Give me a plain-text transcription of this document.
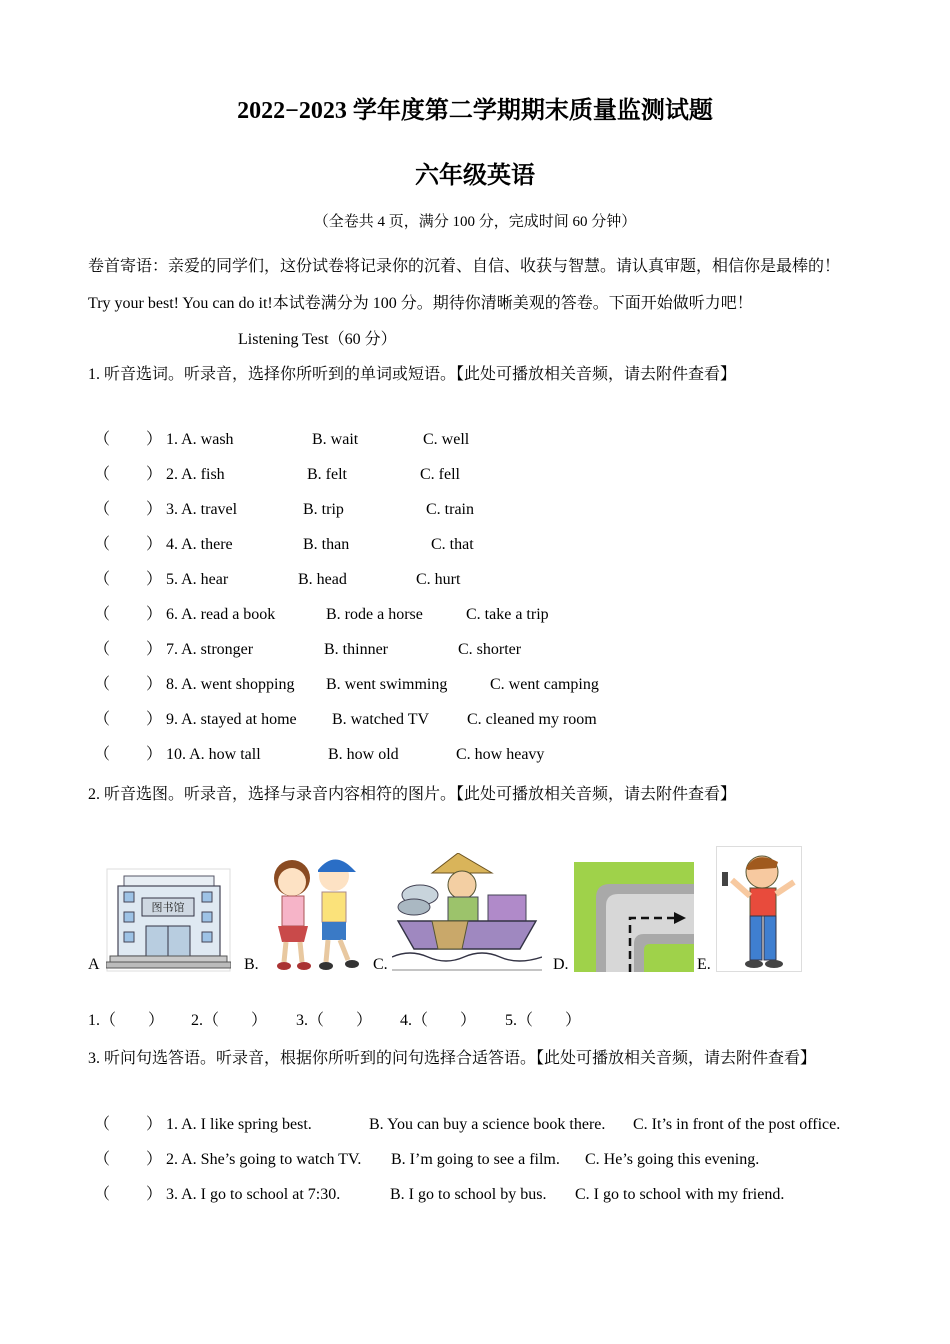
2022−2023 学年度第二学期期末质量监测试题
六年级英语
（全卷共 4 页，满分 100 分，完成时间 60 分钟）
卷首寄语：亲爱的同学们，这份试卷将记录你的沉着、自信、收获与智慧。请认真审题，相信你是最棒的！
Try your best! You can do it!本试卷满分为 100 分。期待你清晰美观的答卷。下面开始做听力吧！
Listening Test（60 分）
1. 听音选词。听录音，选择你所听到的单词或短语。【此处可播放相关音频，请去附件查看】
（ ） 1. A. wash	B. wait	C. well
（ ） 2. A. fish	B. felt	C. fell
（ ） 3. A. travel	B. trip	C. train
（ ） 4. A. there	B. than	C. that
（ ） 5. A. hear	B. head	C. hurt
（ ） 6. A. read a book	B. rode a horse	C. take a trip
（ ） 7. A. stronger	B. thinner	C. shorter
（ ） 8. A. went shopping B. went swimming	C. went camping
（ ） 9. A. stayed at home B. watched TV C. cleaned my room
（ ） 10. A. how tall	B. how old	C. how heavy
2. 听音选图。听录音，选择与录音内容相符的图片。【此处可播放相关音频，请去附件查看】
A
图书馆
B.	C.	D.	E.
1.（　　） 2.（　　） 3.（　　） 4.（　　） 5.（　　）
3. 听问句选答语。听录音，根据你所听到的问句选择合适答语。【此处可播放相关音频，请去附件查看】
（ ） 1. A. I like spring best.	B. You can buy a science book there. C. It’s in front of the post office.
（ ） 2. A. She’s going to watch TV. B. I’m going to see a film. C. He’s going this evening.
（ ） 3. A. I go to school at 7:30.	B. I go to school by bus. C. I go to school with my friend.
